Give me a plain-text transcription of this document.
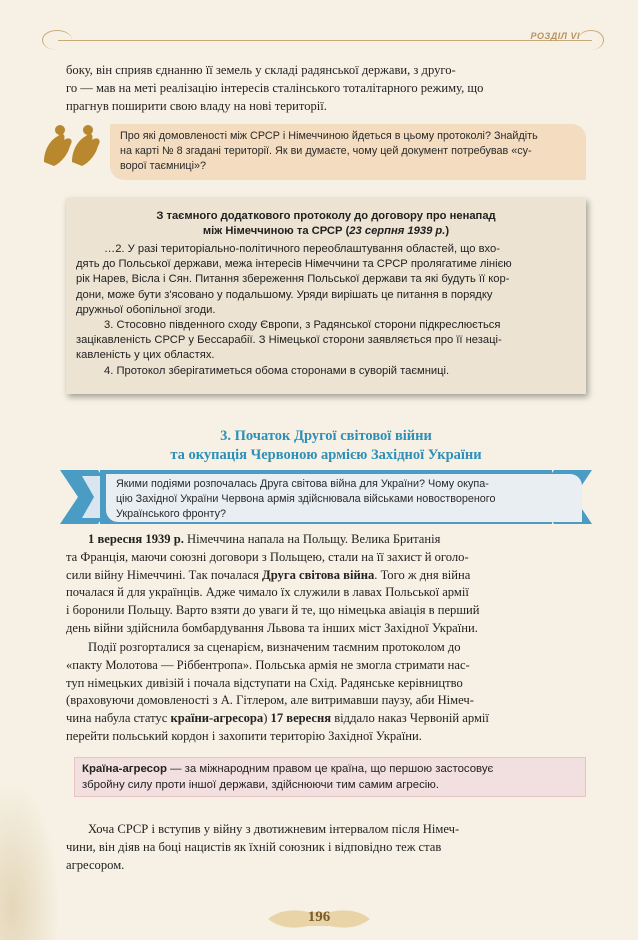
РОЗДІЛ VI
боку, він сприяв єднанню її земель у складі радянської держави, з друго-
го — мав на меті реалізацію інтересів сталінського тоталітарного режиму, що
прагнув поширити свою владу на нові території.
Про які домовленості між СРСР і Німеччиною йдеться в цьому протоколі? Знайдіть
на карті № 8 згадані території. Як ви думаєте, чому цей документ потребував «су-
ворої таємниці»?
З таємного додаткового протоколу до договору про ненапад
між Німеччиною та СРСР (23 серпня 1939 р.)
…2. У разі територіально-політичного переоблаштування областей, що вхо-
дять до Польської держави, межа інтересів Німеччини та СРСР пролягатиме лінією
рік Нарев, Вісла і Сян. Питання збереження Польської держави та які будуть її кор-
дони, може бути з'ясовано у подальшому. Уряди вирішать це питання в порядку
дружньої обопільної згоди.
3. Стосовно південного сходу Європи, з Радянської сторони підкреслюється
зацікавленість СРСР у Бессарабії. З Німецької сторони заявляється про її незаці-
кавленість у цих областях.
4. Протокол зберігатиметься обома сторонами в суворій таємниці.
3. Початок Другої світової війни
та окупація Червоною армією Західної України
Якими подіями розпочалась Друга світова війна для України? Чому окупа-
цію Західної України Червона армія здійснювала військами новоствореного
Українського фронту?
1 вересня 1939 р. Німеччина напала на Польщу. Велика Британія
та Франція, маючи союзні договори з Польщею, стали на її захист й оголо-
сили війну Німеччині. Так почалася Друга світова війна. Того ж дня війна
почалася й для українців. Адже чимало їх служили в лавах Польської армії
і боронили Польщу. Варто взяти до уваги й те, що німецька авіація в перший
день війни здійснила бомбардування Львова та інших міст Західної України.
Події розгорталися за сценарієм, визначеним таємним протоколом до
«пакту Молотова — Ріббентропа». Польська армія не змогла стримати нас-
туп німецьких дивізій і почала відступати на Схід. Радянське керівництво
(враховуючи домовленості з А. Гітлером, але витримавши паузу, аби Німеч-
чина набула статус країни-агресора) 17 вересня віддало наказ Червоній армії
перейти польський кордон і захопити територію Західної України.
Країна-агресор — за міжнародним правом це країна, що першою застосовує
збройну силу проти іншої держави, здійснюючи тим самим агресію.
Хоча СРСР і вступив у війну з двотижневим інтервалом після Німеч-
чини, він діяв на боці нацистів як їхній союзник і відповідно теж став
агресором.
196
